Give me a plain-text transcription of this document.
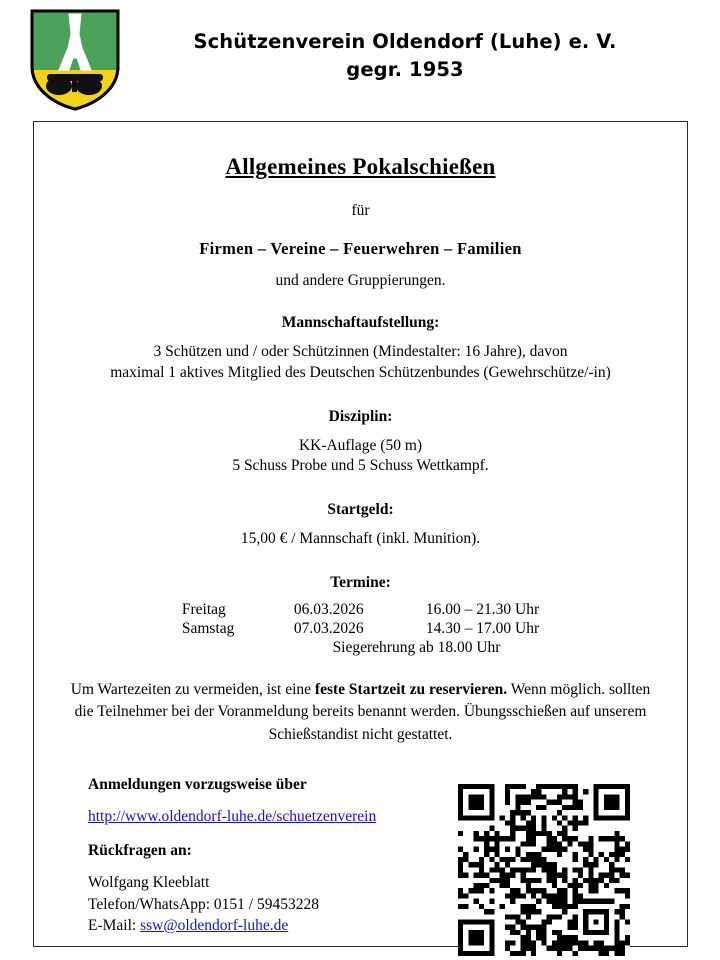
Schützenverein Oldendorf (Luhe) e. V.
gegr. 1953
Allgemeines Pokalschießen
für
Firmen – Vereine – Feuerwehren – Familien
und andere Gruppierungen.
Mannschaftaufstellung:
3 Schützen und / oder Schützinnen (Mindestalter: 16 Jahre), davon
maximal 1 aktives Mitglied des Deutschen Schützenbundes (Gewehrschütze/-in)
Disziplin:
KK-Auflage (50 m)
5 Schuss Probe und 5 Schuss Wettkampf.
Startgeld:
15,00 € / Mannschaft (inkl. Munition).
Termine:
Freitag	06.03.2026	16.00 – 21.30 Uhr
Samstag	07.03.2026	14.30 – 17.00 Uhr
Siegerehrung ab 18.00 Uhr
Um Wartezeiten zu vermeiden, ist eine feste Startzeit zu reservieren. Wenn möglich. sollten die Teilnehmer bei der Voranmeldung bereits benannt werden. Übungsschießen auf unserem Schießstandist nicht gestattet.
Anmeldungen vorzugsweise über
http://www.oldendorf-luhe.de/schuetzenverein
Rückfragen an:
Wolfgang Kleeblatt
Telefon/WhatsApp: 0151 / 59453228
E-Mail: ssw@oldendorf-luhe.de
